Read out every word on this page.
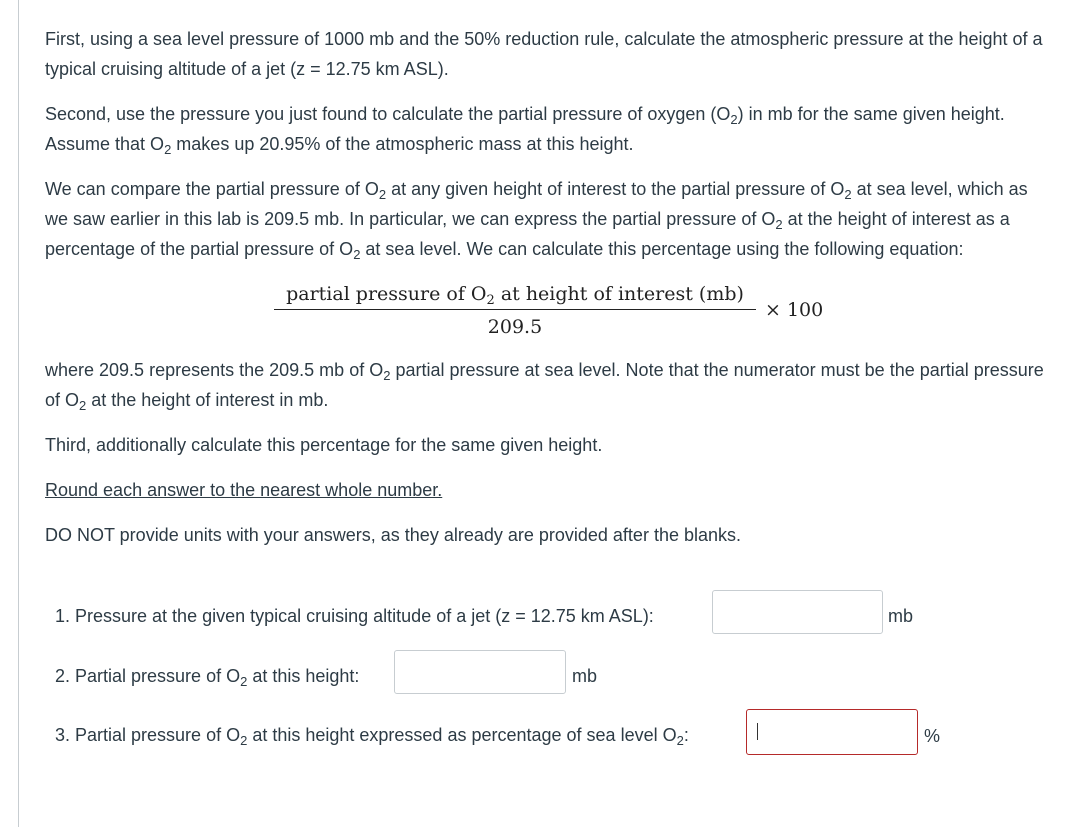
First, using a sea level pressure of 1000 mb and the 50% reduction rule, calculate the atmospheric pressure at the height of a typical cruising altitude of a jet (z = 12.75 km ASL).

Second, use the pressure you just found to calculate the partial pressure of oxygen $(O_2)$ in mb for the same given height. Assume that $O_2$ makes up 20.95% of the atmospheric mass at this height.

We can compare the partial pressure of $O_2$ at any given height of interest to the partial pressure of $O_2$ at sea level, which as we saw earlier in this lab is 209.5 mb. In particular, we can express the partial pressure of $O_2$ at the height of interest as a percentage of the partial pressure of $O_2$ at sea level. We can calculate this percentage using the following equation:

partial pressure of $O_2$ at height of interest (mb)
209.5
× 100

where 209.5 represents the 209.5 mb of $O_2$ partial pressure at sea level. Note that the numerator must be the partial pressure of $O_2$ at the height of interest in mb.

Third, additionally calculate this percentage for the same given height.

Round each answer to the nearest whole number.

DO NOT provide units with your answers, as they already are provided after the blanks.

1. Pressure at the given typical cruising altitude of a jet (z = 12.75 km ASL):	mb
2. Partial pressure of $O_2$ at this height:	mb
3. Partial pressure of $O_2$ at this height expressed as percentage of sea level $O_2$:	%
